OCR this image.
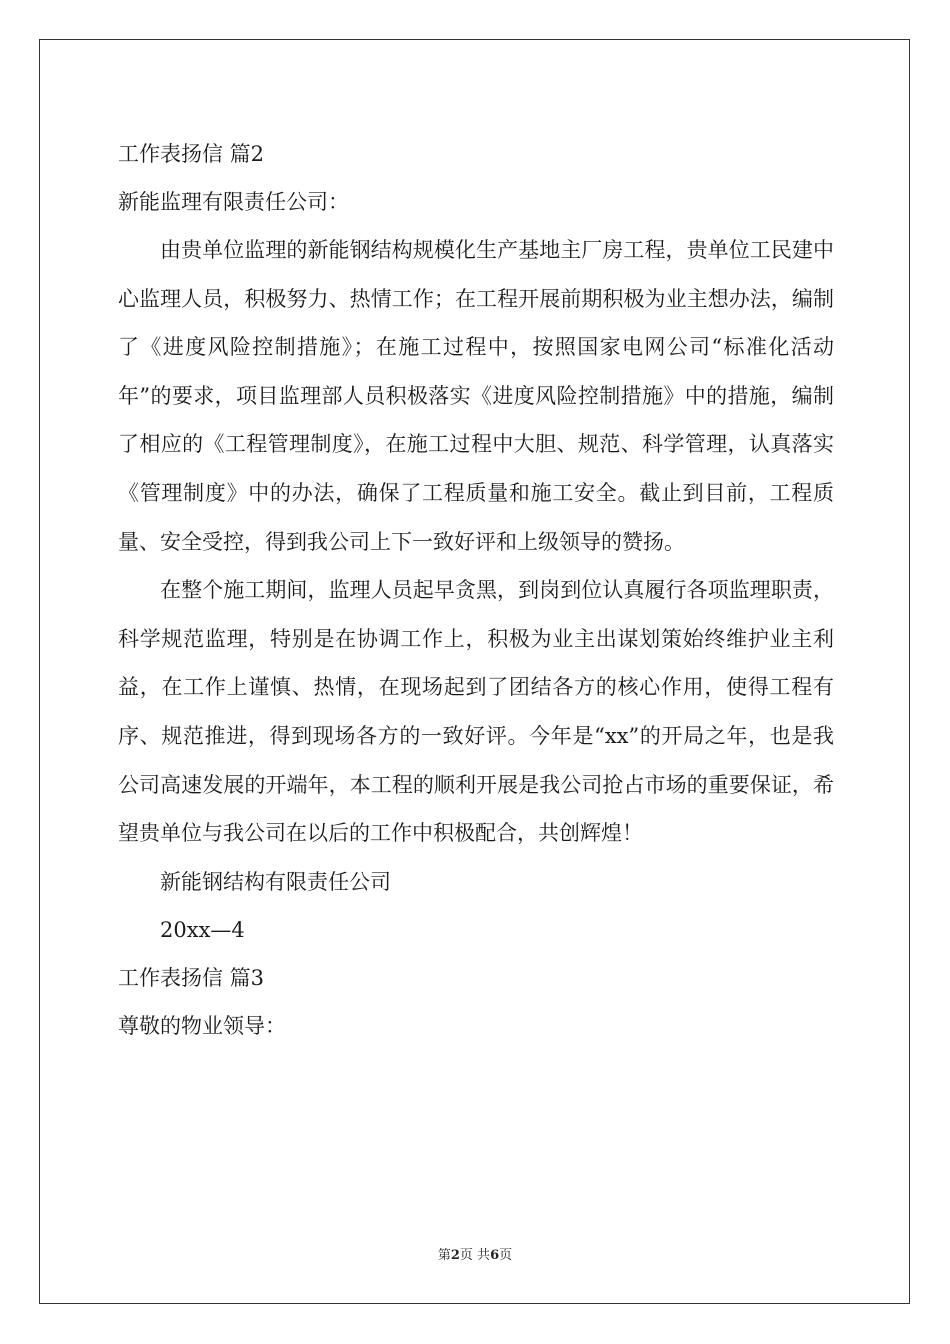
工作表扬信 篇2
新能监理有限责任公司：

由贵单位监理的新能钢结构规模化生产基地主厂房工程，贵单位工民建中心监理人员，积极努力、热情工作；在工程开展前期积极为业主想办法，编制了《进度风险控制措施》；在施工过程中，按照国家电网公司“标准化活动年”的要求，项目监理部人员积极落实《进度风险控制措施》中的措施，编制了相应的《工程管理制度》，在施工过程中大胆、规范、科学管理，认真落实《管理制度》中的办法，确保了工程质量和施工安全。截止到目前，工程质量、安全受控，得到我公司上下一致好评和上级领导的赞扬。

在整个施工期间，监理人员起早贪黑，到岗到位认真履行各项监理职责，科学规范监理，特别是在协调工作上，积极为业主出谋划策始终维护业主利益，在工作上谨慎、热情，在现场起到了团结各方的核心作用，使得工程有序、规范推进，得到现场各方的一致好评。今年是“xx”的开局之年，也是我公司高速发展的开端年，本工程的顺利开展是我公司抢占市场的重要保证，希望贵单位与我公司在以后的工作中积极配合，共创辉煌！

新能钢结构有限责任公司
20xx—4
工作表扬信 篇3
尊敬的物业领导：
第2页 共6页
